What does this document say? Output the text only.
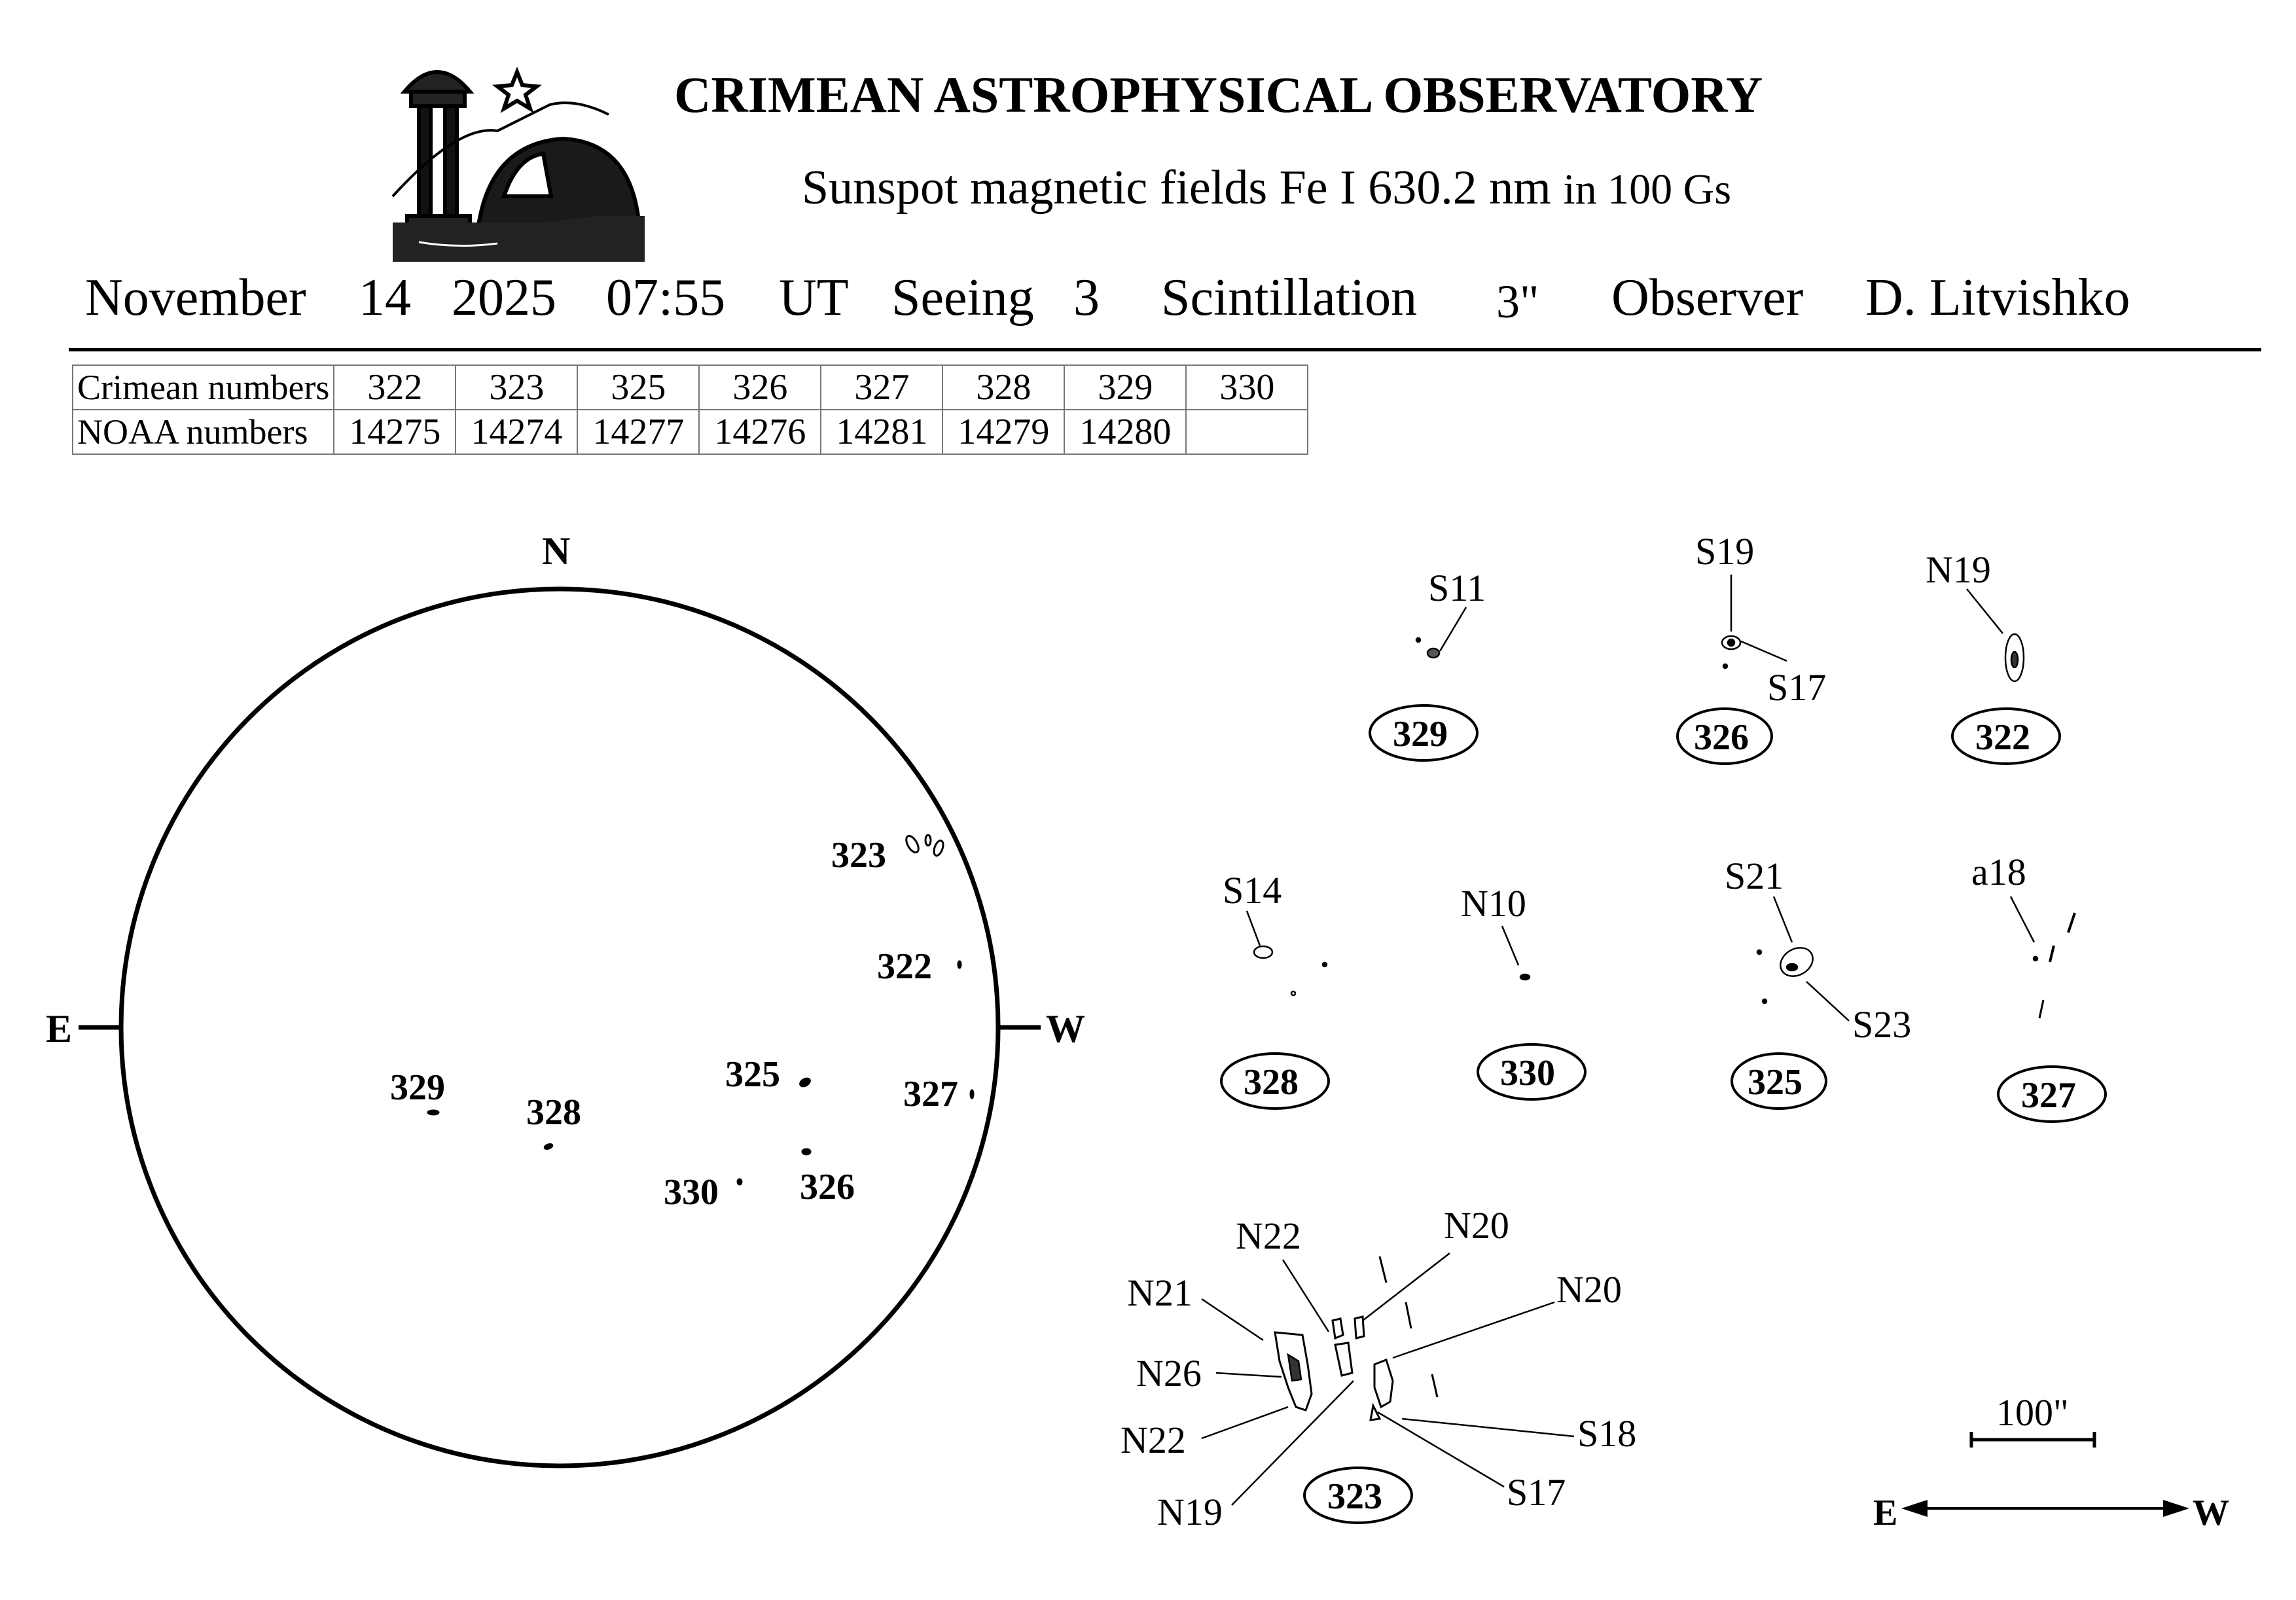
CRIMEAN ASTROPHYSICAL OBSERVATORY
Sunspot magnetic fields Fe I 630.2 nm in 100 Gs
November 14 2025 07:55 UT Seeing 3 Scintillation 3" Observer D. Litvishko
Crimean numbers	322	323	325	326	327	328	329	330
NOAA numbers	14275	14274	14277	14276	14281	14279	14280	
N
E	W
323
322
325	327
329
328
330 326
S11
329
S19
S17
326
N19
322
S14
328
N10
330
S21
S23
325
a18
327
N22	N20
N20
N21
N26
N22
N19
S18
S17
323
100"
E	W
